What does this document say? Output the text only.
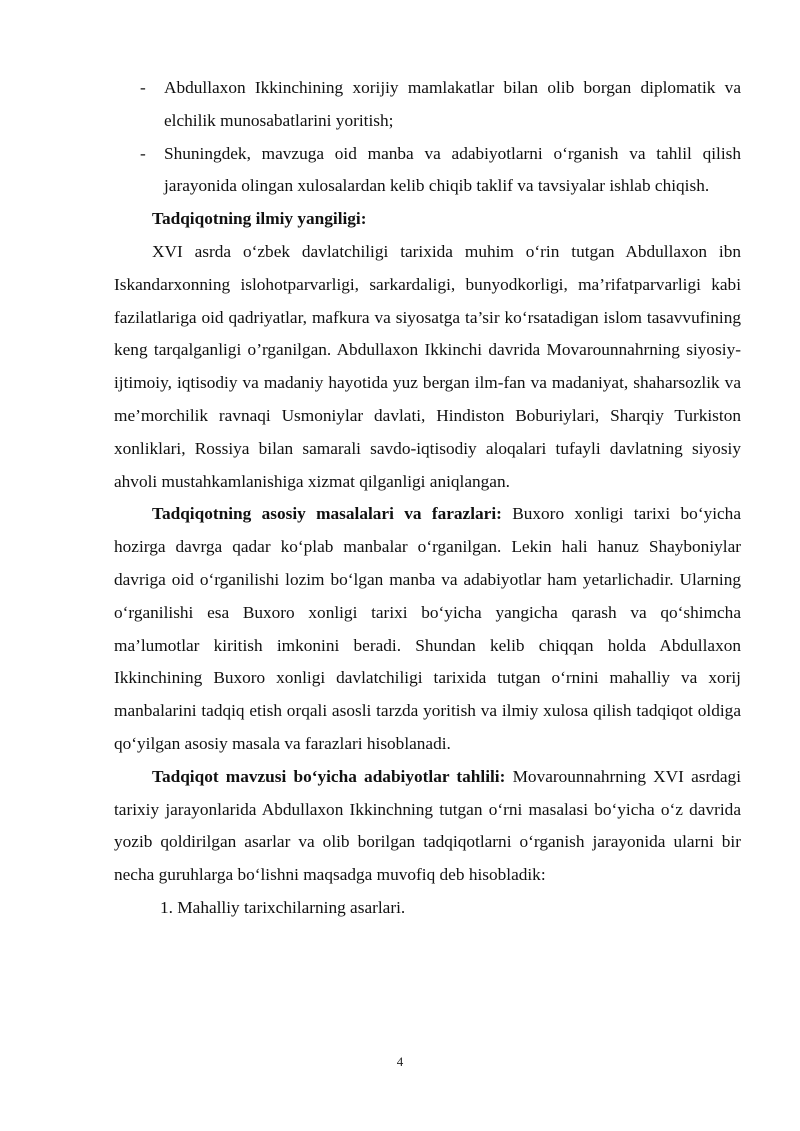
- Abdullaxon Ikkinchining xorijiy mamlakatlar bilan olib borgan diplomatik va elchilik munosabatlarini yoritish;
- Shuningdek, mavzuga oid manba va adabiyotlarni o‘rganish va tahlil qilish jarayonida olingan xulosalardan kelib chiqib taklif va tavsiyalar ishlab chiqish.

Tadqiqotning ilmiy yangiligi:

XVI asrda o‘zbek davlatchiligi tarixida muhim o‘rin tutgan Abdullaxon ibn Iskandarxonning islohotparvarligi, sarkardaligi, bunyodkorligi, ma’rifatparvarligi kabi fazilatlariga oid qadriyatlar, mafkura va siyosatga ta’sir ko‘rsatadigan islom tasavvufining keng tarqalganligi o’rganilgan. Abdullaxon Ikkinchi davrida Movarounnahrning siyosiy-ijtimoiy, iqtisodiy va madaniy hayotida yuz bergan ilm-fan va madaniyat, shaharsozlik va me’morchilik ravnaqi Usmoniylar davlati, Hindiston Boburiylari, Sharqiy Turkiston xonliklari, Rossiya bilan samarali savdo-iqtisodiy aloqalari tufayli davlatning siyosiy ahvoli mustahkamlanishiga xizmat qilganligi aniqlangan.

Tadqiqotning asosiy masalalari va farazlari: Buxoro xonligi tarixi bo‘yicha hozirga davrga qadar ko‘plab manbalar o‘rganilgan. Lekin hali hanuz Shayboniylar davriga oid o‘rganilishi lozim bo‘lgan manba va adabiyotlar ham yetarlichadir. Ularning o‘rganilishi esa Buxoro xonligi tarixi bo‘yicha yangicha qarash va qo‘shimcha ma’lumotlar kiritish imkonini beradi. Shundan kelib chiqqan holda Abdullaxon Ikkinchining Buxoro xonligi davlatchiligi tarixida tutgan o‘rnini mahalliy va xorij manbalarini tadqiq etish orqali asosli tarzda yoritish va ilmiy xulosa qilish tadqiqot oldiga qo‘yilgan asosiy masala va farazlari hisoblanadi.

Tadqiqot mavzusi bo‘yicha adabiyotlar tahlili: Movarounnahrning XVI asrdagi tarixiy jarayonlarida Abdullaxon Ikkinchning tutgan o‘rni masalasi bo‘yicha o‘z davrida yozib qoldirilgan asarlar va olib borilgan tadqiqotlarni o‘rganish jarayonida ularni bir necha guruhlarga bo‘lishni maqsadga muvofiq deb hisobladik:

1. Mahalliy tarixchilarning asarlari.

4
